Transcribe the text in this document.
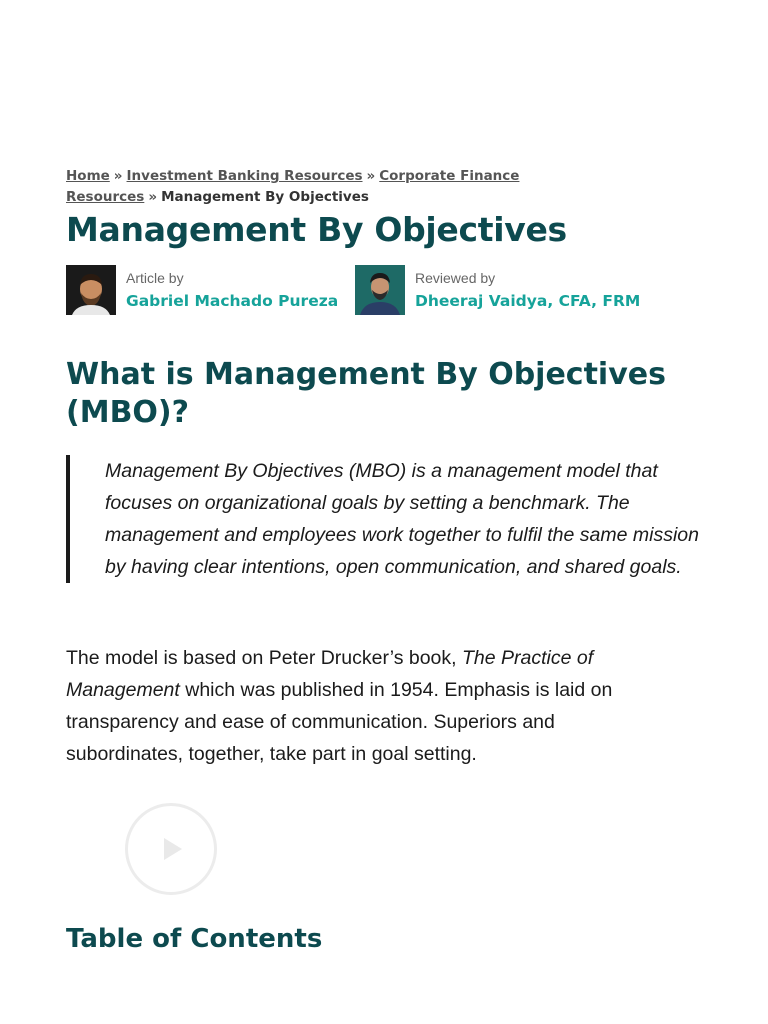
Home » Investment Banking Resources » Corporate Finance Resources » Management By Objectives
Management By Objectives
Article by
Gabriel Machado Pureza
Reviewed by
Dheeraj Vaidya, CFA, FRM
What is Management By Objectives (MBO)?
Management By Objectives (MBO) is a management model that focuses on organizational goals by setting a benchmark. The management and employees work together to fulfil the same mission by having clear intentions, open communication, and shared goals.

The model is based on Peter Drucker’s book, The Practice of Management which was published in 1954. Emphasis is laid on transparency and ease of communication. Superiors and subordinates, together, take part in goal setting.

Table of Contents
